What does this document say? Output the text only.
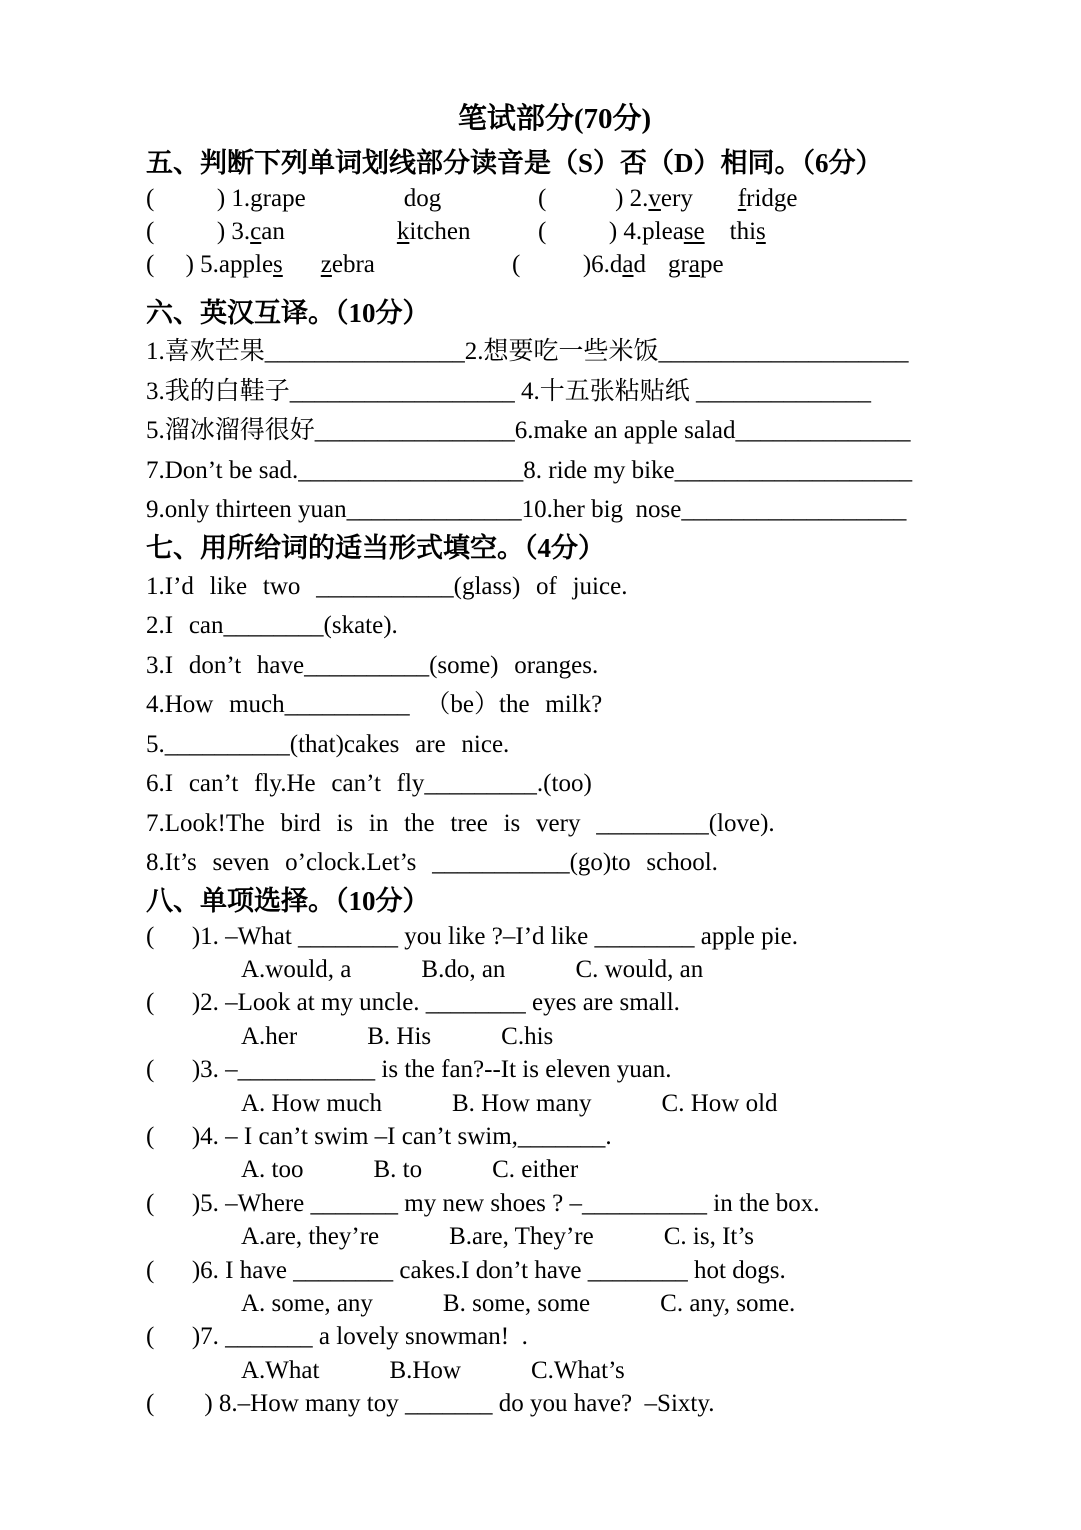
笔试部分(70分)
五、判断下列单词划线部分读音是（S）否（D）相同。（6分）
(          ) 1.grape	dog	(           ) 2.very fridge
(          ) 3.can	kitchen	(          ) 4.please this
(     ) 5.apples zebra	(          )6.dad grape
六、英汉互译。（10分）
1.喜欢芒果________________2.想要吃一些米饭____________________
3.我的白鞋子__________________ 4.十五张粘贴纸 ______________
5.溜冰溜得很好________________6.make an apple salad______________
7.Don’t be sad.__________________8. ride my bike___________________
9.only thirteen yuan______________10.her big  nose__________________
七、用所给词的适当形式填空。（4分）
1.I’d like two ___________(glass) of juice.
2.I can________(skate).
3.I don’t have__________(some) oranges.
4.How much__________ （be）the milk?
5.__________(that)cakes are nice.
6.I can’t fly.He can’t fly_________.(too)
7.Look!The bird is in the tree is very _________(love).
8.It’s seven o’clock.Let’s ___________(go)to school.
八、单项选择。（10分）
(      )1. –What ________ you like ?–I’d like ________ apple pie.
A.would, a	B.do, an	C. would, an
(      )2. –Look at my uncle. ________ eyes are small.
A.her	B. His	C.his
(      )3. –___________ is the fan?--It is eleven yuan.
A. How much	B. How many	C. How old
(      )4. – I can’t swim –I can’t swim,_______.
A. too	B. to	C. either
(      )5. –Where _______ my new shoes ? –__________ in the box.
A.are, they’re	B.are, They’re	C. is, It’s
(      )6. I have ________ cakes.I don’t have ________ hot dogs.
A. some, any	B. some, some	C. any, some.
(      )7. _______ a lovely snowman!  .
A.What	B.How	C.What’s
(        ) 8.–How many toy _______ do you have?  –Sixty.
